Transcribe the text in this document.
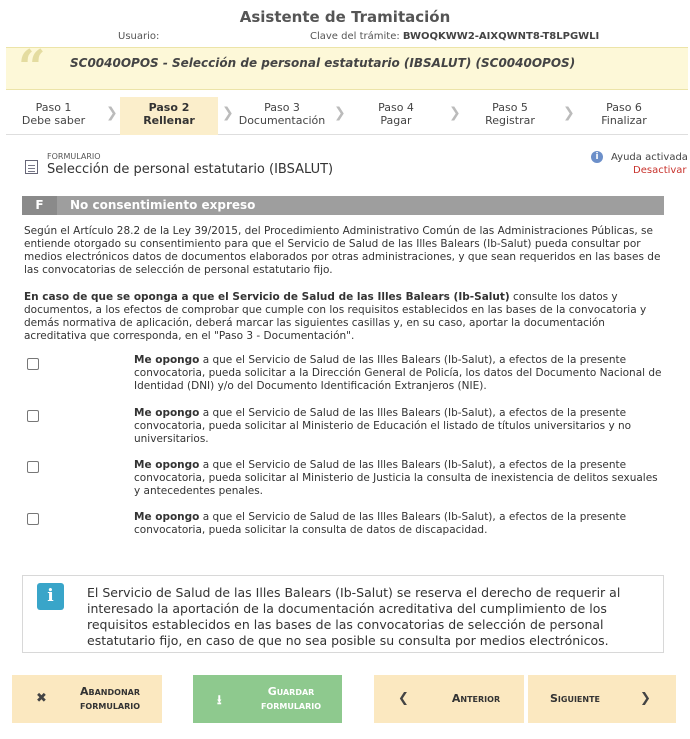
Asistente de Tramitación
Usuario:	Clave del trámite: BWOQKWW2-AIXQWNT8-T8LPGWLI
“ SC0040OPOS - Selección de personal estatutario (IBSALUT) (SC0040OPOS)
Paso 1
Debe saber	❯	Paso 2
Rellenar	❯	Paso 3
Documentación ❯	Paso 4
Pagar	❯	Paso 5
Registrar	❯	Paso 6
Finalizar
FORMULARIO
Selección de personal estatutario (IBSALUT)
i	Ayuda activada
Desactivar
F	No consentimiento expreso
Según el Artículo 28.2 de la Ley 39/2015, del Procedimiento Administrativo Común de las Administraciones Públicas, se entiende otorgado su consentimiento para que el Servicio de Salud de las Illes Balears (Ib-Salut) pueda consultar por medios electrónicos datos de documentos elaborados por otras administraciones, y que sean requeridos en las bases de las convocatorias de selección de personal estatutario fijo.
En caso de que se oponga a que el Servicio de Salud de las Illes Balears (Ib-Salut) consulte los datos y documentos, a los efectos de comprobar que cumple con los requisitos establecidos en las bases de la convocatoria y demás normativa de aplicación, deberá marcar las siguientes casillas y, en su caso, aportar la documentación acreditativa que corresponda, en el "Paso 3 - Documentación".
Me opongo a que el Servicio de Salud de las Illes Balears (Ib-Salut), a efectos de la presente convocatoria, pueda solicitar a la Dirección General de Policía, los datos del Documento Nacional de Identidad (DNI) y/o del Documento Identificación Extranjeros (NIE).
Me opongo a que el Servicio de Salud de las Illes Balears (Ib-Salut), a efectos de la presente convocatoria, pueda solicitar al Ministerio de Educación el listado de títulos universitarios y no universitarios.
Me opongo a que el Servicio de Salud de las Illes Balears (Ib-Salut), a efectos de la presente convocatoria, pueda solicitar al Ministerio de Justicia la consulta de inexistencia de delitos sexuales y antecedentes penales.
Me opongo a que el Servicio de Salud de las Illes Balears (Ib-Salut), a efectos de la presente convocatoria, pueda solicitar la consulta de datos de discapacidad.
i	El Servicio de Salud de las Illes Balears (Ib-Salut) se reserva el derecho de requerir al interesado la aportación de la documentación acreditativa del cumplimiento de los requisitos establecidos en las bases de las convocatorias de selección de personal estatutario fijo, en caso de que no sea posible su consulta por medios electrónicos.
✖	Abandonar
formulario	⭳
Guardar
formulario	❮	Anterior	Siguiente	❯
